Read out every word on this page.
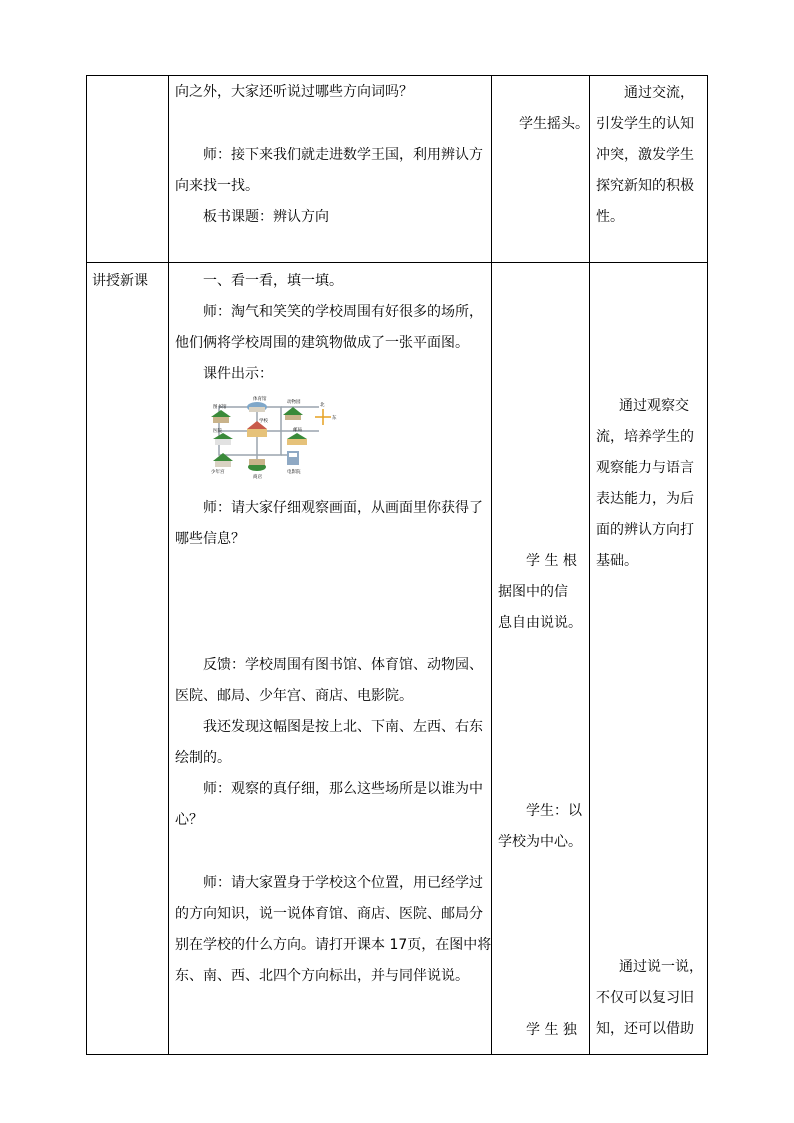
向之外，大家还听说过哪些方向词吗？
师：接下来我们就走进数学王国，利用辨认方
向来找一找。
板书课题：辨认方向
学生摇头。
通过交流，
引发学生的认知
冲突，激发学生
探究新知的积极
性。
讲授新课	一、看一看，填一填。
师：淘气和笑笑的学校周围有好很多的场所，
他们俩将学校周围的建筑物做成了一张平面图。
课件出示：
图书馆
体育馆
动物园
学校
医院	邮局
少年宫
商店
电影院
北
东
师：请大家仔细观察画面，从画面里你获得了
哪些信息？
反馈：学校周围有图书馆、体育馆、动物园、
医院、邮局、少年宫、商店、电影院。
我还发现这幅图是按上北、下南、左西、右东
绘制的。
师：观察的真仔细，那么这些场所是以谁为中
心？
师：请大家置身于学校这个位置，用已经学过
的方向知识，说一说体育馆、商店、医院、邮局分
别在学校的什么方向。请打开课本 17页，在图中将
东、南、西、北四个方向标出，并与同伴说说。
学 生 根
据图中的信
息自由说说。
学生：以
学校为中心。
学 生 独
通过观察交
流，培养学生的
观察能力与语言
表达能力，为后
面的辨认方向打
基础。
通过说一说，
不仅可以复习旧
知，还可以借助
